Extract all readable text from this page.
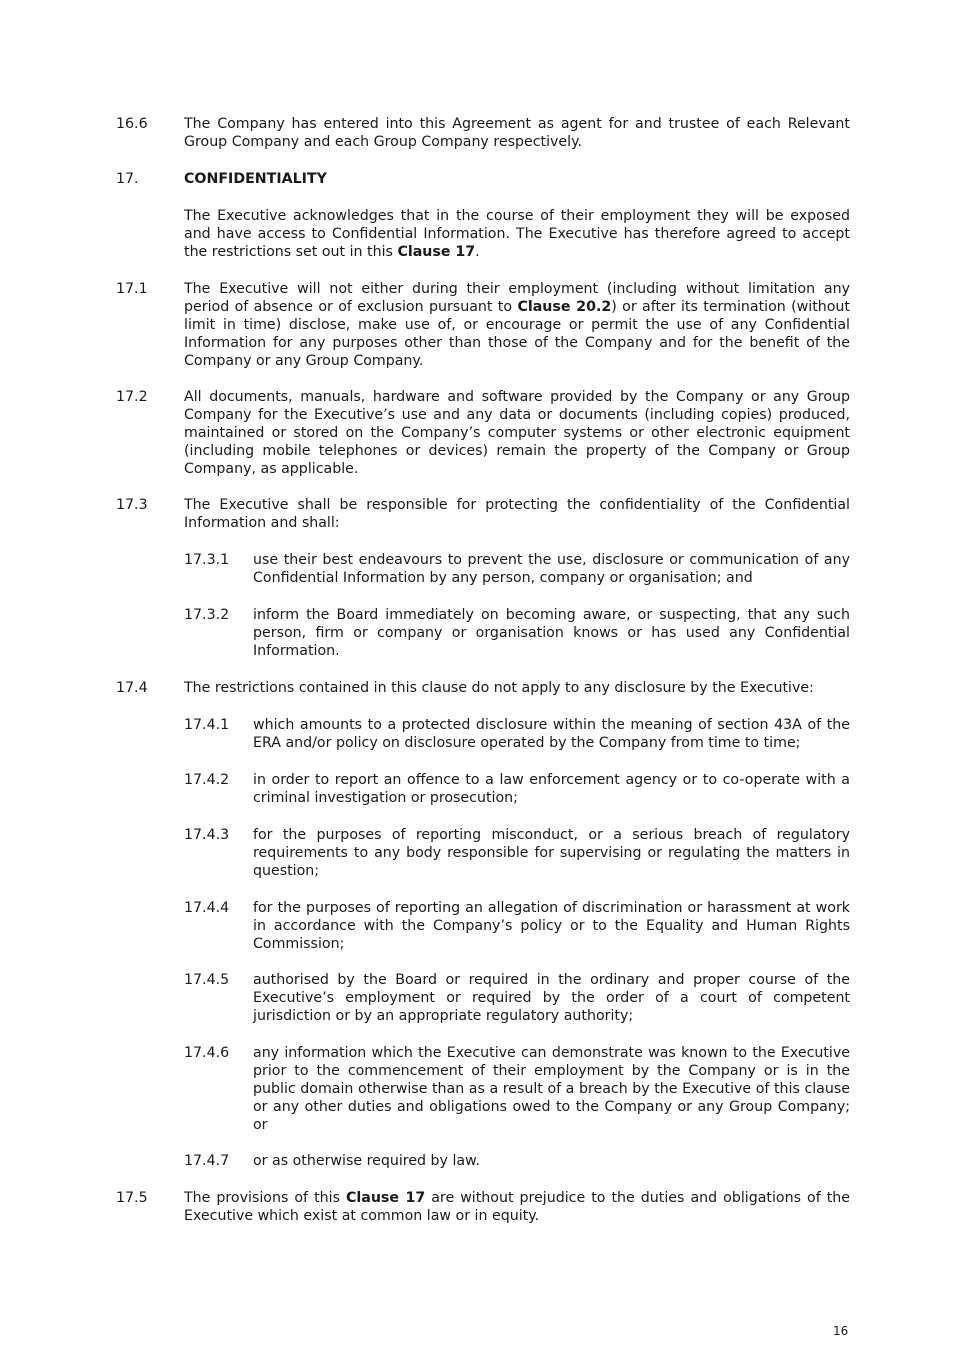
16.6	The Company has entered into this Agreement as agent for and trustee of each Relevant Group Company and each Group Company respectively.
17.	CONFIDENTIALITY
The Executive acknowledges that in the course of their employment they will be exposed and have access to Confidential Information. The Executive has therefore agreed to accept the restrictions set out in this Clause 17.
17.1	The Executive will not either during their employment (including without limitation any period of absence or of exclusion pursuant to Clause 20.2) or after its termination (without limit in time) disclose, make use of, or encourage or permit the use of any Confidential Information for any purposes other than those of the Company and for the benefit of the Company or any Group Company.
17.2	All documents, manuals, hardware and software provided by the Company or any Group Company for the Executive’s use and any data or documents (including copies) produced, maintained or stored on the Company’s computer systems or other electronic equipment (including mobile telephones or devices) remain the property of the Company or Group Company, as applicable.
17.3	The Executive shall be responsible for protecting the confidentiality of the Confidential Information and shall:
17.3.1	use their best endeavours to prevent the use, disclosure or communication of any Confidential Information by any person, company or organisation; and
17.3.2	inform the Board immediately on becoming aware, or suspecting, that any such person, firm or company or organisation knows or has used any Confidential Information.
17.4	The restrictions contained in this clause do not apply to any disclosure by the Executive:
17.4.1	which amounts to a protected disclosure within the meaning of section 43A of the ERA and/or policy on disclosure operated by the Company from time to time;
17.4.2	in order to report an offence to a law enforcement agency or to co-operate with a criminal investigation or prosecution;
17.4.3	for the purposes of reporting misconduct, or a serious breach of regulatory requirements to any body responsible for supervising or regulating the matters in question;
17.4.4	for the purposes of reporting an allegation of discrimination or harassment at work in accordance with the Company’s policy or to the Equality and Human Rights Commission;
17.4.5	authorised by the Board or required in the ordinary and proper course of the Executive’s employment or required by the order of a court of competent jurisdiction or by an appropriate regulatory authority;
17.4.6	any information which the Executive can demonstrate was known to the Executive prior to the commencement of their employment by the Company or is in the public domain otherwise than as a result of a breach by the Executive of this clause or any other duties and obligations owed to the Company or any Group Company; or
17.4.7	or as otherwise required by law.
17.5	The provisions of this Clause 17 are without prejudice to the duties and obligations of the Executive which exist at common law or in equity.
16
